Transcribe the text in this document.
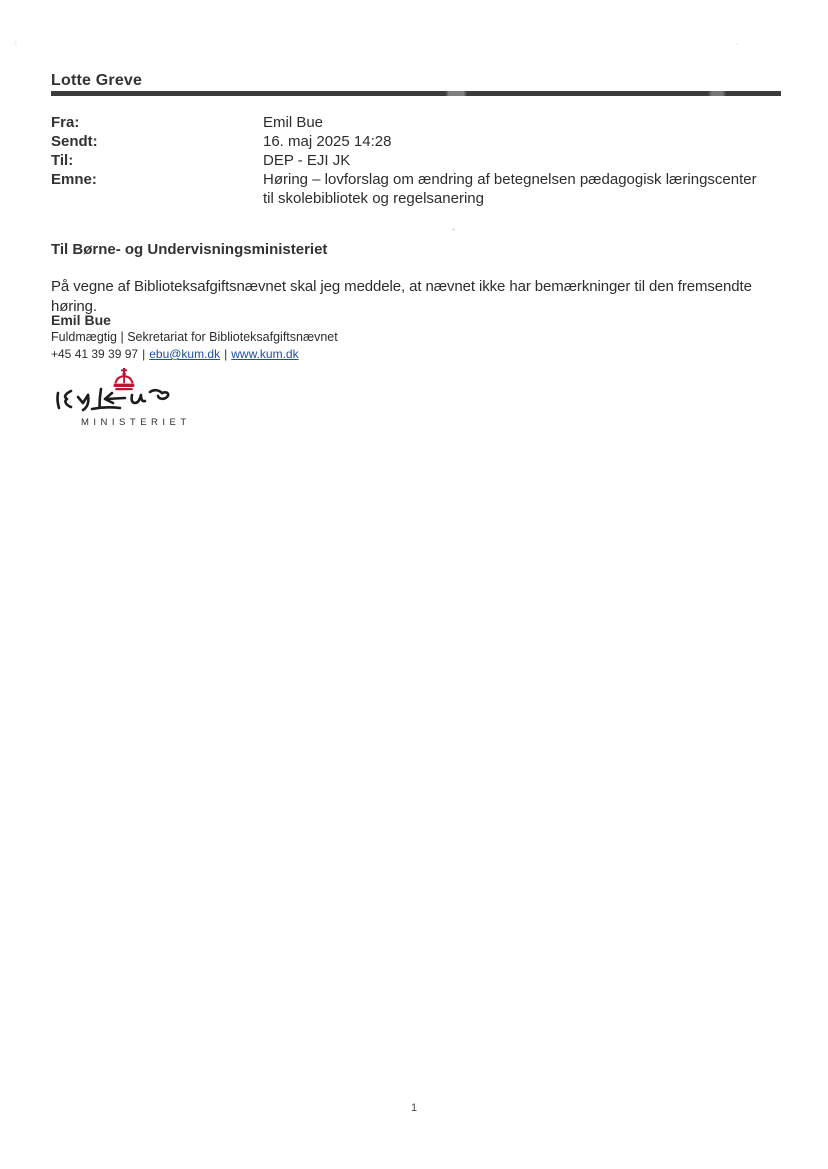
Lotte Greve
Fra:	Emil Bue
Sendt:	16. maj 2025 14:28
Til:	DEP - EJI JK
Emne:	Høring – lovforslag om ændring af betegnelsen pædagogisk læringscenter til skolebibliotek og regelsanering
Til Børne- og Undervisningsministeriet
På vegne af Biblioteksafgiftsnævnet skal jeg meddele, at nævnet ikke har bemærkninger til den fremsendte høring.
Emil Bue
Fuldmægtig | Sekretariat for Biblioteksafgiftsnævnet
+45 41 39 39 97 | ebu@kum.dk | www.kum.dk
MINISTERIET
1
